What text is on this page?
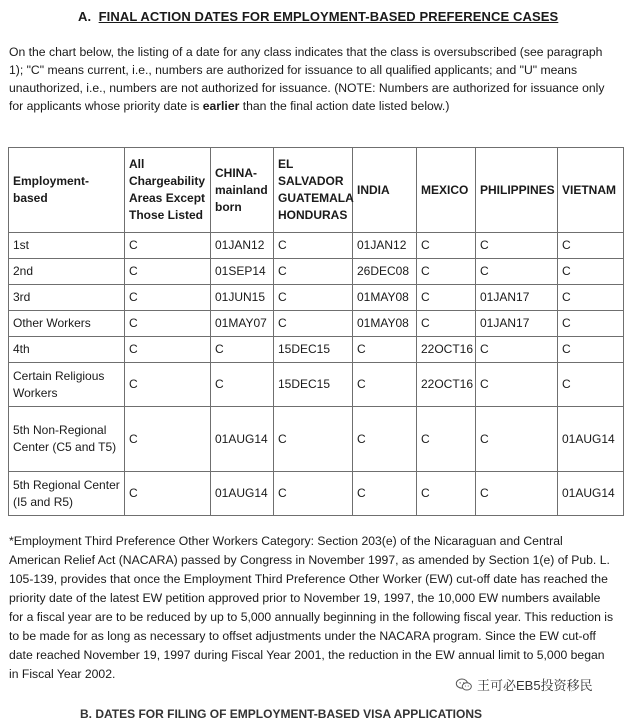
A. FINAL ACTION DATES FOR EMPLOYMENT-BASED PREFERENCE CASES
On the chart below, the listing of a date for any class indicates that the class is oversubscribed (see paragraph 1); "C" means current, i.e., numbers are authorized for issuance to all qualified applicants; and "U" means unauthorized, i.e., numbers are not authorized for issuance. (NOTE: Numbers are authorized for issuance only for applicants whose priority date is earlier than the final action date listed below.)
Employment-based	All Chargeability Areas Except Those Listed	CHINA-mainland born	EL SALVADOR GUATEMALA HONDURAS	INDIA	MEXICO	PHILIPPINES	VIETNAM
1st	C	01JAN12	C	01JAN12	C	C	C
2nd	C	01SEP14	C	26DEC08	C	C	C
3rd	C	01JUN15	C	01MAY08	C	01JAN17	C
Other Workers	C	01MAY07	C	01MAY08	C	01JAN17	C
4th	C	C	15DEC15	C	22OCT16	C	C
Certain Religious Workers	C	C	15DEC15	C	22OCT16	C	C
5th Non-Regional Center (C5 and T5)	C	01AUG14	C	C	C	C	01AUG14
5th Regional Center (I5 and R5)	C	01AUG14	C	C	C	C	01AUG14
*Employment Third Preference Other Workers Category: Section 203(e) of the Nicaraguan and Central American Relief Act (NACARA) passed by Congress in November 1997, as amended by Section 1(e) of Pub. L. 105-139, provides that once the Employment Third Preference Other Worker (EW) cut-off date has reached the priority date of the latest EW petition approved prior to November 19, 1997, the 10,000 EW numbers available for a fiscal year are to be reduced by up to 5,000 annually beginning in the following fiscal year. This reduction is to be made for as long as necessary to offset adjustments under the NACARA program. Since the EW cut-off date reached November 19, 1997 during Fiscal Year 2001, the reduction in the EW annual limit to 5,000 began in Fiscal Year 2002.
王可必EB5投资移民
B. DATES FOR FILING OF EMPLOYMENT-BASED VISA APPLICATIONS
